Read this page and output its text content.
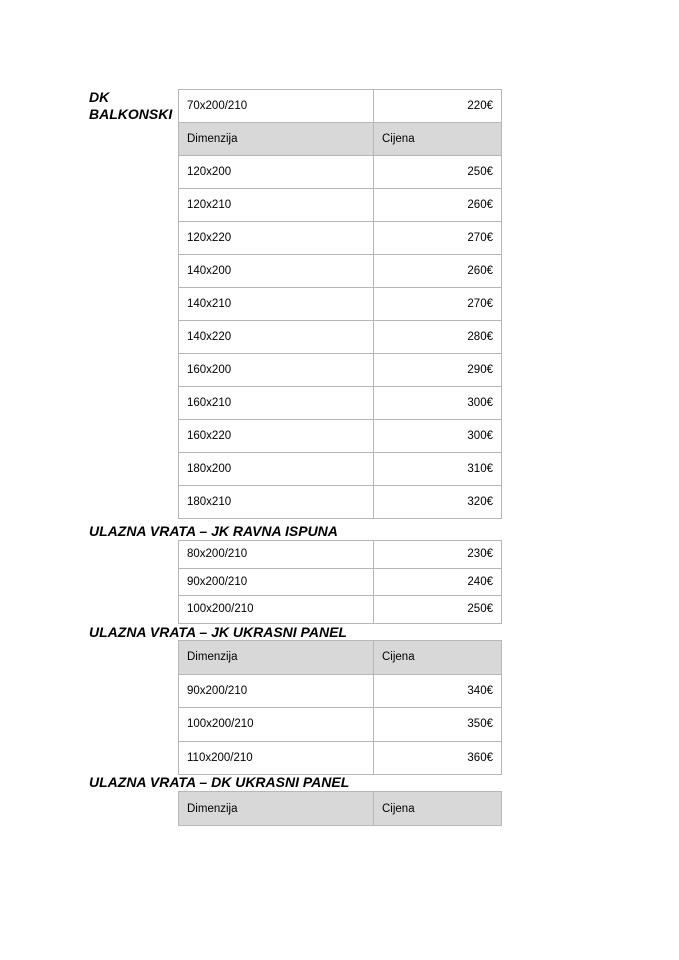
DK
BALKONSKI 70x200/210	220€
Dimenzija	Cijena
120x200	250€
120x210	260€
120x220	270€
140x200	260€
140x210	270€
140x220	280€
160x200	290€
160x210	300€
160x220	300€
180x200	310€
180x210	320€
ULAZNA VRATA – JK RAVNA ISPUNA
80x200/210	230€
90x200/210	240€
100x200/210	250€
ULAZNA VRATA – JK UKRASNI PANEL
Dimenzija	Cijena
90x200/210	340€
100x200/210	350€
110x200/210	360€
ULAZNA VRATA – DK UKRASNI PANEL
Dimenzija	Cijena
